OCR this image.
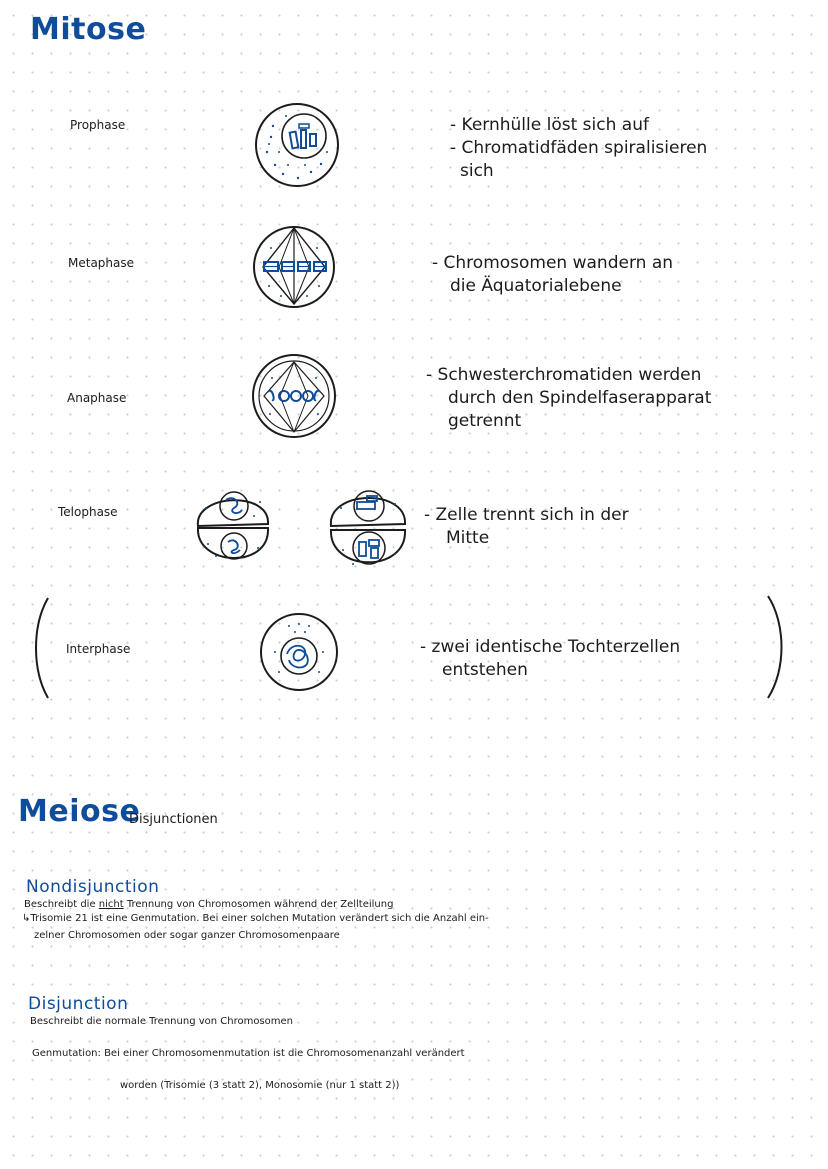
Mitose
Prophase	- Kernhülle löst sich auf
- Chromatidfäden spiralisieren
sich
Metaphase	- Chromosomen wandern an
die Äquatorialebene
Anaphase
- Schwesterchromatiden werden
durch den Spindelfaserapparat
getrennt
Telophase	- Zelle trennt sich in der
Mitte
Interphase	- zwei identische Tochterzellen
entstehen
Meiose
Disjunctionen
Nondisjunction
Beschreibt die nicht Trennung von Chromosomen während der Zellteilung
↳Trisomie 21 ist eine Genmutation. Bei einer solchen Mutation verändert sich die Anzahl ein-
zelner Chromosomen oder sogar ganzer Chromosomenpaare
Disjunction
Beschreibt die normale Trennung von Chromosomen
Genmutation: Bei einer Chromosomenmutation ist die Chromosomenanzahl verändert
worden (Trisomie (3 statt 2), Monosomie (nur 1 statt 2))
